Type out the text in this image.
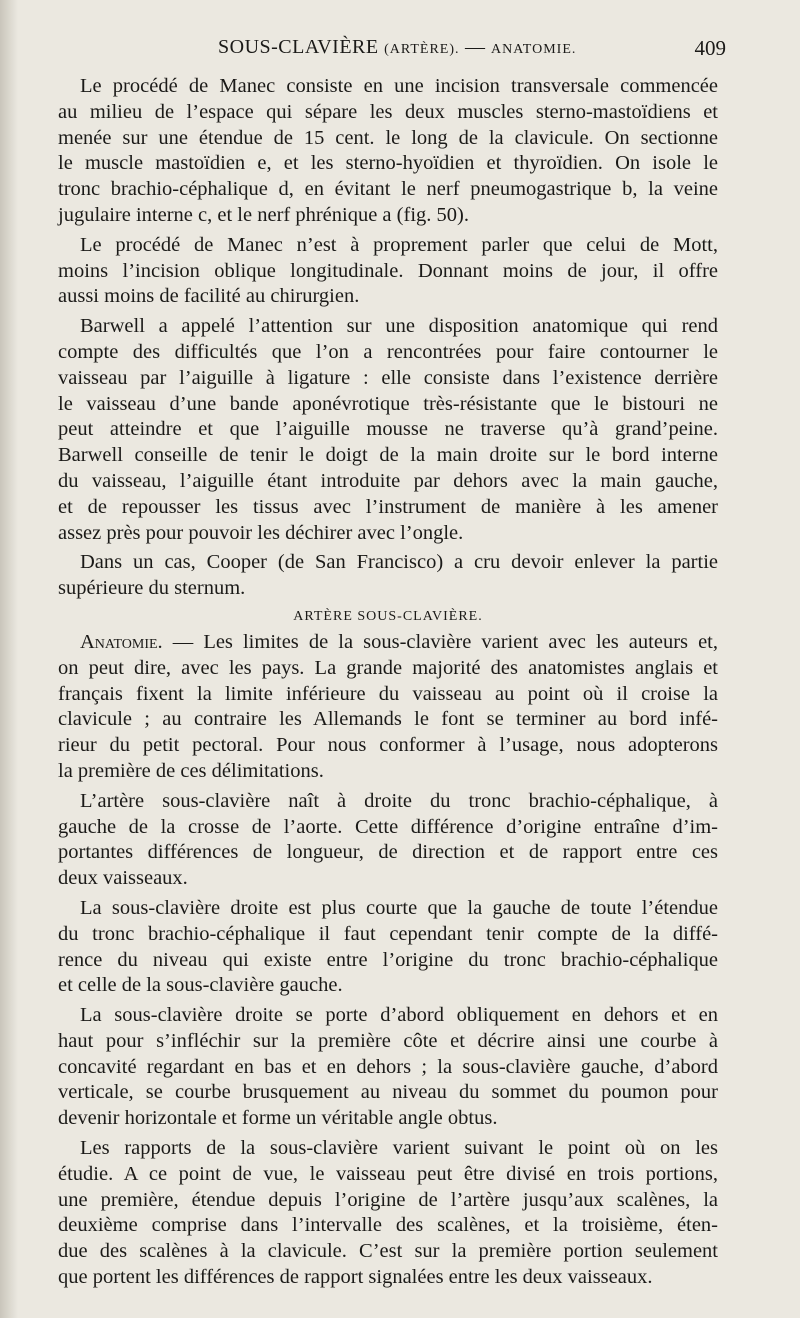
SOUS-CLAVIÈRE (ARTÈRE). — ANATOMIE.	409
Le procédé de Manec consiste en une incision transversale commencée
au milieu de l’espace qui sépare les deux muscles sterno-mastoïdiens et
menée sur une étendue de 15 cent. le long de la clavicule. On sectionne
le muscle mastoïdien e, et les sterno-hyoïdien et thyroïdien. On isole le
tronc brachio-céphalique d, en évitant le nerf pneumogastrique b, la veine
jugulaire interne c, et le nerf phrénique a (fig. 50).
Le procédé de Manec n’est à proprement parler que celui de Mott,
moins l’incision oblique longitudinale. Donnant moins de jour, il offre
aussi moins de facilité au chirurgien.
Barwell a appelé l’attention sur une disposition anatomique qui rend
compte des difficultés que l’on a rencontrées pour faire contourner le
vaisseau par l’aiguille à ligature : elle consiste dans l’existence derrière
le vaisseau d’une bande aponévrotique très-résistante que le bistouri ne
peut atteindre et que l’aiguille mousse ne traverse qu’à grand’peine.
Barwell conseille de tenir le doigt de la main droite sur le bord interne
du vaisseau, l’aiguille étant introduite par dehors avec la main gauche,
et de repousser les tissus avec l’instrument de manière à les amener
assez près pour pouvoir les déchirer avec l’ongle.
Dans un cas, Cooper (de San Francisco) a cru devoir enlever la partie
supérieure du sternum.
ARTÈRE SOUS-CLAVIÈRE.
Anatomie. — Les limites de la sous-clavière varient avec les auteurs et,
on peut dire, avec les pays. La grande majorité des anatomistes anglais et
français fixent la limite inférieure du vaisseau au point où il croise la
clavicule ; au contraire les Allemands le font se terminer au bord infé-
rieur du petit pectoral. Pour nous conformer à l’usage, nous adopterons
la première de ces délimitations.
L’artère sous-clavière naît à droite du tronc brachio-céphalique, à
gauche de la crosse de l’aorte. Cette différence d’origine entraîne d’im-
portantes différences de longueur, de direction et de rapport entre ces
deux vaisseaux.
La sous-clavière droite est plus courte que la gauche de toute l’étendue
du tronc brachio-céphalique il faut cependant tenir compte de la diffé-
rence du niveau qui existe entre l’origine du tronc brachio-céphalique
et celle de la sous-clavière gauche.
La sous-clavière droite se porte d’abord obliquement en dehors et en
haut pour s’infléchir sur la première côte et décrire ainsi une courbe à
concavité regardant en bas et en dehors ; la sous-clavière gauche, d’abord
verticale, se courbe brusquement au niveau du sommet du poumon pour
devenir horizontale et forme un véritable angle obtus.
Les rapports de la sous-clavière varient suivant le point où on les
étudie. A ce point de vue, le vaisseau peut être divisé en trois portions,
une première, étendue depuis l’origine de l’artère jusqu’aux scalènes, la
deuxième comprise dans l’intervalle des scalènes, et la troisième, éten-
due des scalènes à la clavicule. C’est sur la première portion seulement
que portent les différences de rapport signalées entre les deux vaisseaux.
